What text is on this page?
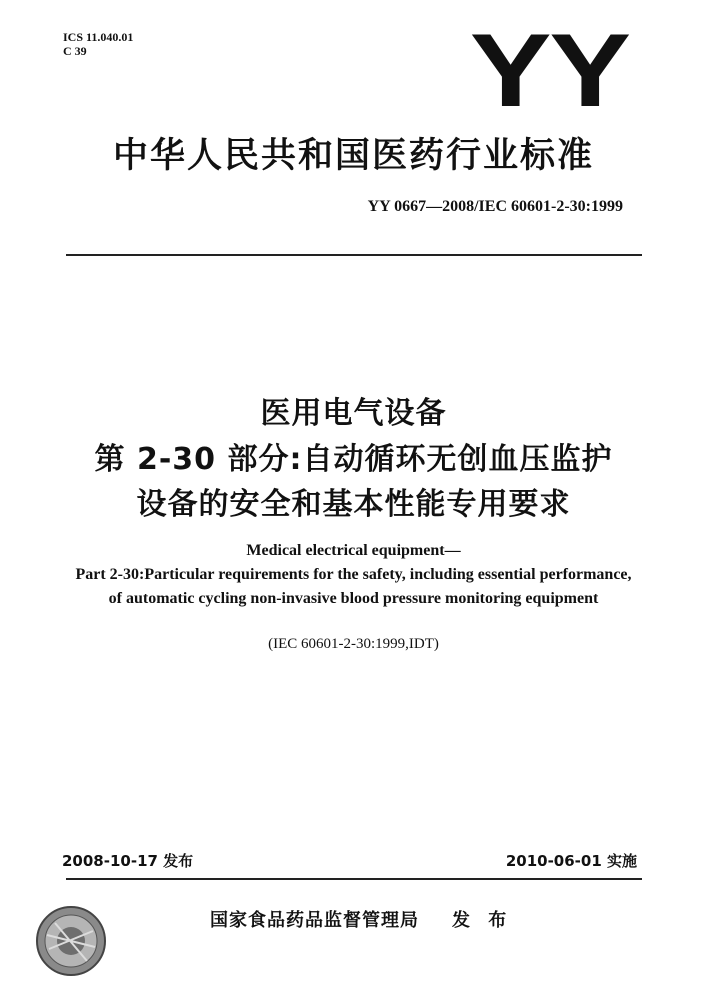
ICS 11.040.01
C 39	YY
中华人民共和国医药行业标准
YY 0667—2008/IEC 60601-2-30:1999
医用电气设备
第 2-30 部分:自动循环无创血压监护
设备的安全和基本性能专用要求
Medical electrical equipment—
Part 2-30:Particular requirements for the safety, including essential performance,
of automatic cycling non-invasive blood pressure monitoring equipment
(IEC 60601-2-30:1999,IDT)
2008-10-17 发布	2010-06-01 实施
国家食品药品监督管理局 发 布
